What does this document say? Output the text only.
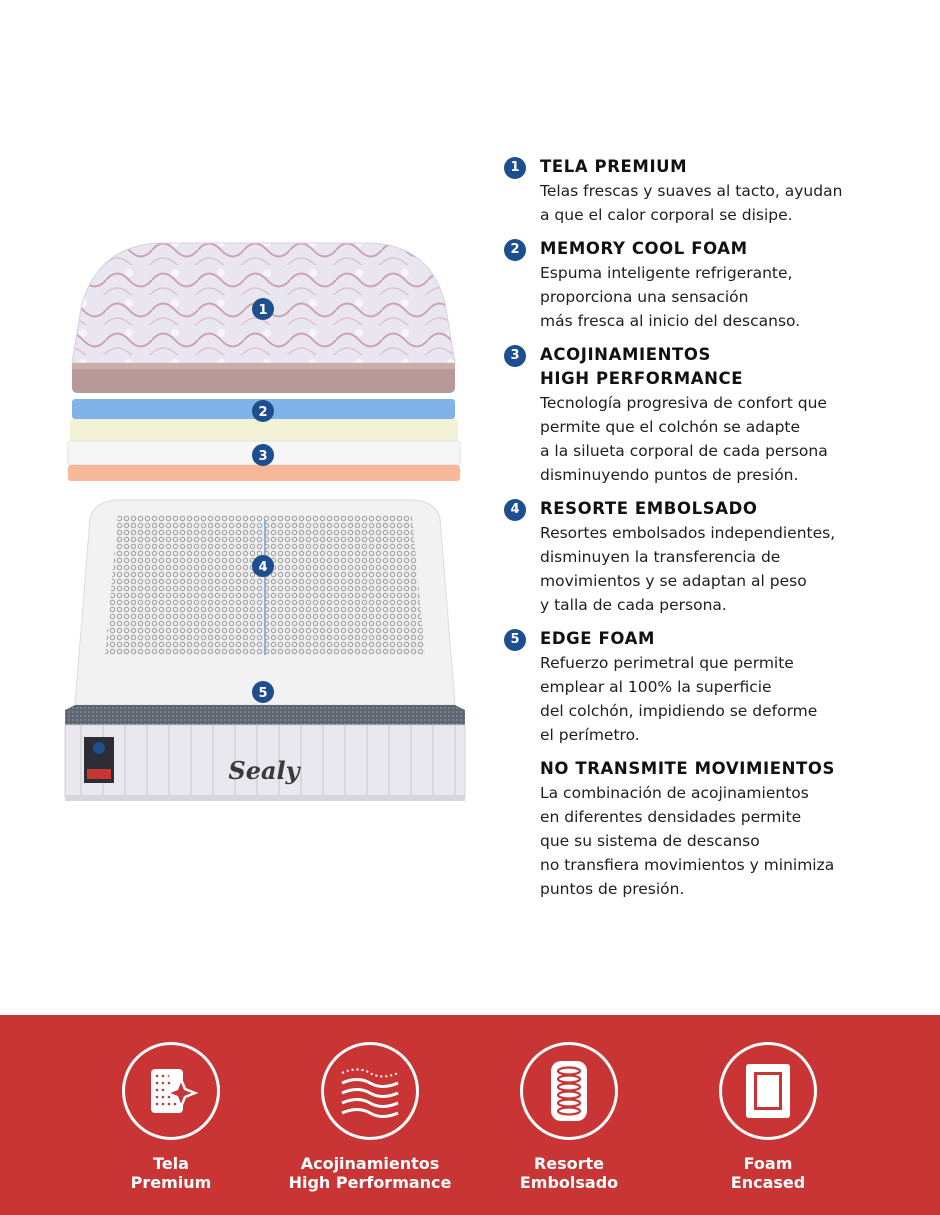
Sealy
1
2
3
4
5
1	TELA PREMIUM
Telas frescas y suaves al tacto, ayudan
a que el calor corporal se disipe.
2	MEMORY COOL FOAM
Espuma inteligente refrigerante,
proporciona una sensación
más fresca al inicio del descanso.
3	ACOJINAMIENTOS
HIGH PERFORMANCE
Tecnología progresiva de confort que
permite que el colchón se adapte
a la silueta corporal de cada persona
disminuyendo puntos de presión.
4	RESORTE EMBOLSADO
Resortes embolsados independientes,
disminuyen la transferencia de
movimientos y se adaptan al peso
y talla de cada persona.
5	EDGE FOAM
Refuerzo perimetral que permite
emplear al 100% la superficie
del colchón, impidiendo se deforme
el perímetro.
NO TRANSMITE MOVIMIENTOS
La combinación de acojinamientos
en diferentes densidades permite
que su sistema de descanso
no transfiera movimientos y minimiza
puntos de presión.
Tela
Premium
Acojinamientos
High Performance
Resorte
Embolsado
Foam
Encased
